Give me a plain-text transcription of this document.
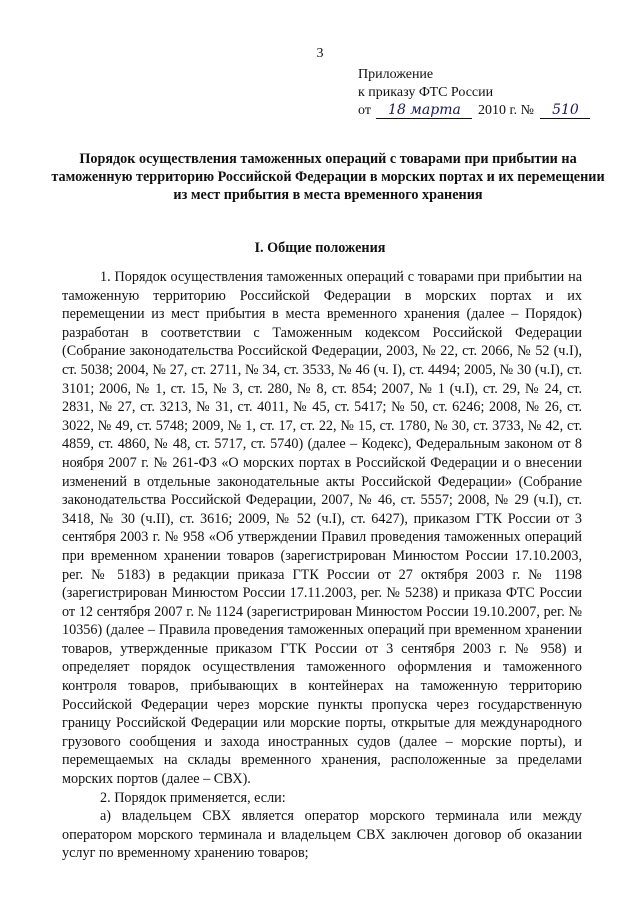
3
Приложение
к приказу ФТС России
от 18 марта 2010 г. № 510
Порядок осуществления таможенных операций с товарами при прибытии на таможенную территорию Российской Федерации в морских портах и их перемещении из мест прибытия в места временного хранения
I. Общие положения

1. Порядок осуществления таможенных операций с товарами при прибытии на таможенную территорию Российской Федерации в морских портах и их перемещении из мест прибытия в места временного хранения (далее – Порядок) разработан в соответствии с Таможенным кодексом Российской Федерации (Собрание законодательства Российской Федерации, 2003, № 22, ст. 2066, № 52 (ч.I), ст. 5038; 2004, № 27, ст. 2711, № 34, ст. 3533, № 46 (ч. I), ст. 4494; 2005, № 30 (ч.I), ст. 3101; 2006, № 1, ст. 15, № 3, ст. 280, № 8, ст. 854; 2007, № 1 (ч.I), ст. 29, № 24, ст. 2831, № 27, ст. 3213, № 31, ст. 4011, № 45, ст. 5417; № 50, ст. 6246; 2008, № 26, ст. 3022, № 49, ст. 5748; 2009, № 1, ст. 17, ст. 22, № 15, ст. 1780, № 30, ст. 3733, № 42, ст. 4859, ст. 4860, № 48, ст. 5717, ст. 5740) (далее – Кодекс), Федеральным законом от 8 ноября 2007 г. № 261-ФЗ «О морских портах в Российской Федерации и о внесении изменений в отдельные законодательные акты Российской Федерации» (Собрание законодательства Российской Федерации, 2007, № 46, ст. 5557; 2008, № 29 (ч.I), ст. 3418, № 30 (ч.II), ст. 3616; 2009, № 52 (ч.I), ст. 6427), приказом ГТК России от 3 сентября 2003 г. № 958 «Об утверждении Правил проведения таможенных операций при временном хранении товаров (зарегистрирован Минюстом России 17.10.2003, рег. № 5183) в редакции приказа ГТК России от 27 октября 2003 г. № 1198 (зарегистрирован Минюстом России 17.11.2003, рег. № 5238) и приказа ФТС России от 12 сентября 2007 г. № 1124 (зарегистрирован Минюстом России 19.10.2007, рег. № 10356) (далее – Правила проведения таможенных операций при временном хранении товаров, утвержденные приказом ГТК России от 3 сентября 2003 г. № 958) и определяет порядок осуществления таможенного оформления и таможенного контроля товаров, прибывающих в контейнерах на таможенную территорию Российской Федерации через морские пункты пропуска через государственную границу Российской Федерации или морские порты, открытые для международного грузового сообщения и захода иностранных судов (далее – морские порты), и перемещаемых на склады временного хранения, расположенные за пределами морских портов (далее – СВХ).

2. Порядок применяется, если:

а) владельцем СВХ является оператор морского терминала или между оператором морского терминала и владельцем СВХ заключен договор об оказании услуг по временному хранению товаров;
